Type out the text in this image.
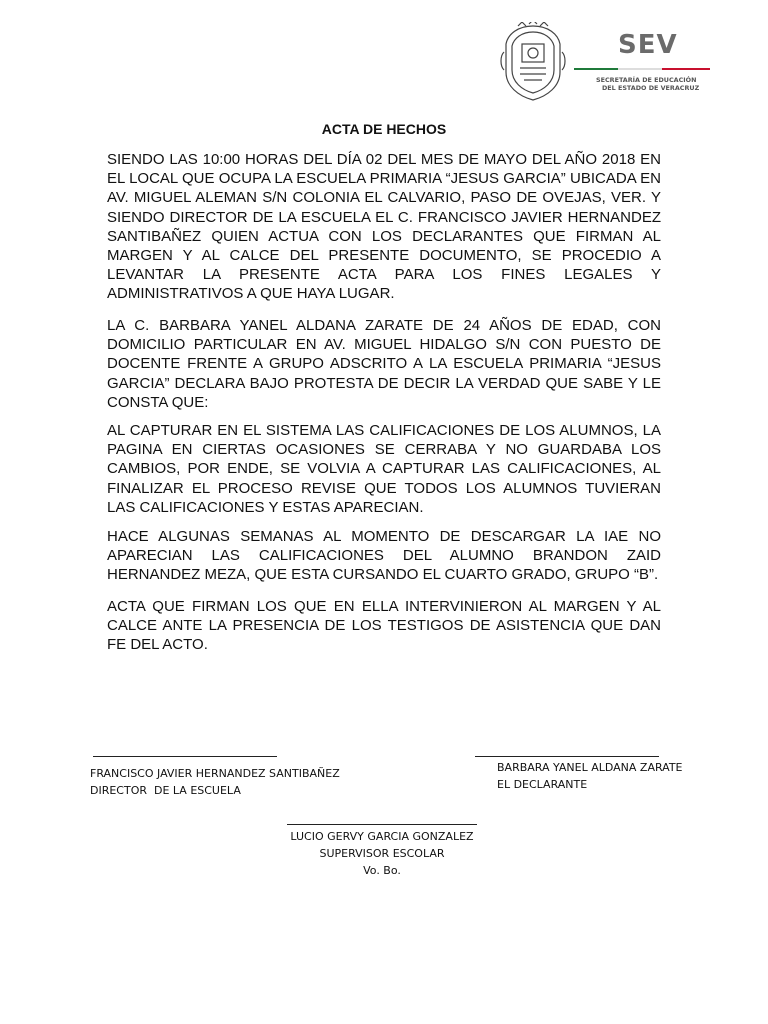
SEV
SECRETARÍA DE EDUCACIÓN
DEL ESTADO DE VERACRUZ
ACTA DE HECHOS
SIENDO LAS 10:00 HORAS DEL DÍA 02 DEL MES DE MAYO DEL AÑO 2018 EN EL LOCAL QUE OCUPA LA ESCUELA PRIMARIA “JESUS GARCIA” UBICADA EN AV. MIGUEL ALEMAN S/N COLONIA EL CALVARIO, PASO DE OVEJAS, VER. Y SIENDO DIRECTOR DE LA ESCUELA EL C. FRANCISCO JAVIER HERNANDEZ SANTIBAÑEZ QUIEN ACTUA CON LOS DECLARANTES QUE FIRMAN AL MARGEN Y AL CALCE DEL PRESENTE DOCUMENTO, SE PROCEDIO A LEVANTAR LA PRESENTE ACTA PARA LOS FINES LEGALES Y ADMINISTRATIVOS A QUE HAYA LUGAR.
LA C. BARBARA YANEL ALDANA ZARATE DE 24 AÑOS DE EDAD, CON DOMICILIO PARTICULAR EN AV. MIGUEL HIDALGO S/N CON PUESTO DE DOCENTE FRENTE A GRUPO ADSCRITO A LA ESCUELA PRIMARIA “JESUS GARCIA” DECLARA BAJO PROTESTA DE DECIR LA VERDAD QUE SABE Y LE CONSTA QUE:
AL CAPTURAR EN EL SISTEMA LAS CALIFICACIONES DE LOS ALUMNOS, LA PAGINA EN CIERTAS OCASIONES SE CERRABA Y NO GUARDABA LOS CAMBIOS, POR ENDE, SE VOLVIA A CAPTURAR LAS CALIFICACIONES, AL FINALIZAR EL PROCESO REVISE QUE TODOS LOS ALUMNOS TUVIERAN LAS CALIFICACIONES Y ESTAS APARECIAN.
HACE ALGUNAS SEMANAS AL MOMENTO DE DESCARGAR LA IAE NO APARECIAN LAS CALIFICACIONES DEL ALUMNO BRANDON ZAID HERNANDEZ MEZA, QUE ESTA CURSANDO EL CUARTO GRADO, GRUPO “B”.
ACTA QUE FIRMAN LOS QUE EN ELLA INTERVINIERON AL MARGEN Y AL CALCE ANTE LA PRESENCIA DE LOS TESTIGOS DE ASISTENCIA QUE DAN FE DEL ACTO.
FRANCISCO JAVIER HERNANDEZ SANTIBAÑEZ
DIRECTOR  DE LA ESCUELA
BARBARA YANEL ALDANA ZARATE
EL DECLARANTE
LUCIO GERVY GARCIA GONZALEZ
SUPERVISOR ESCOLAR
Vo. Bo.
